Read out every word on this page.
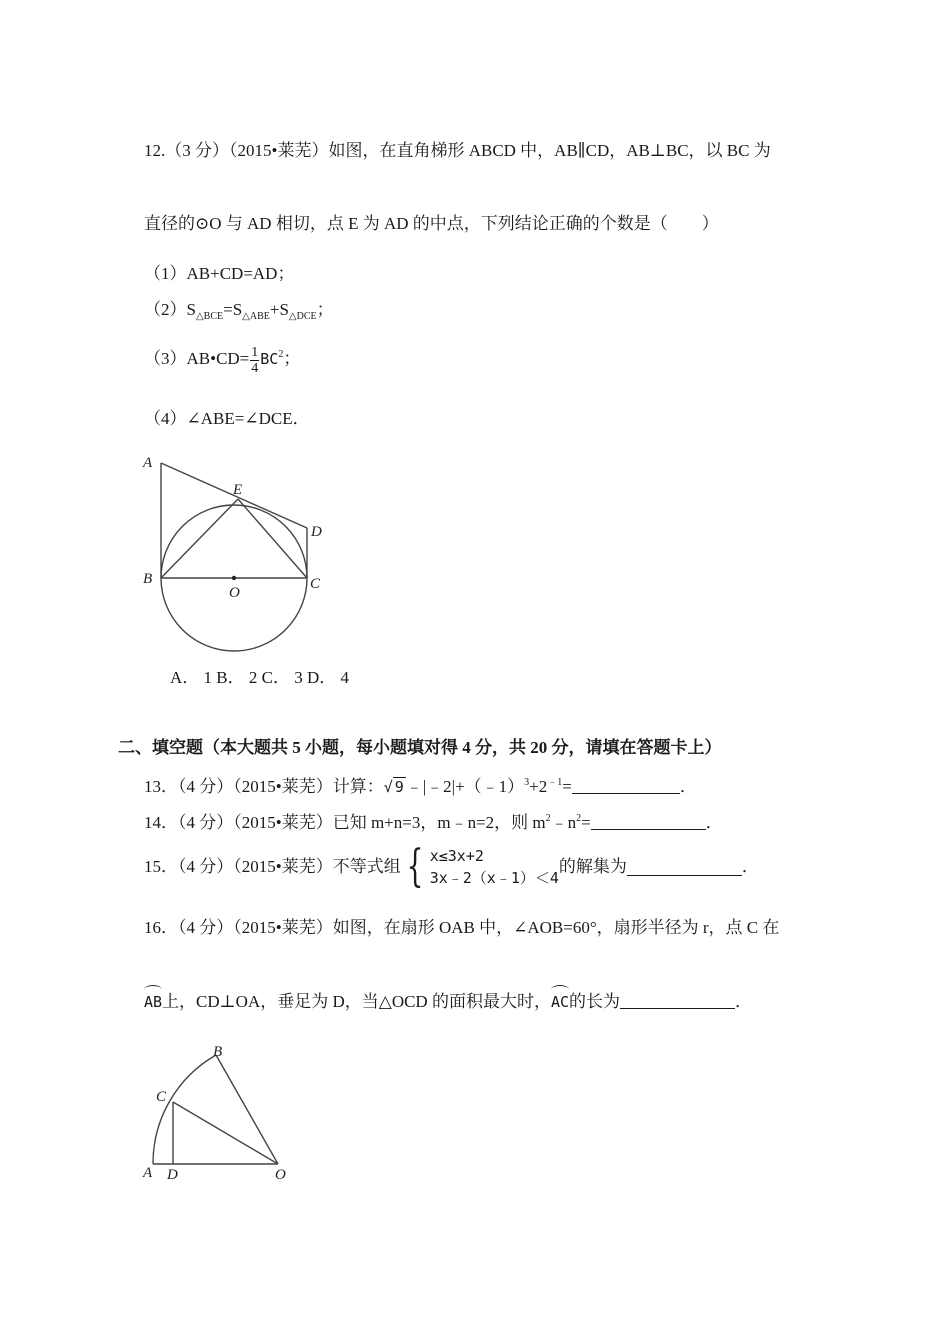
12.（3 分）（2015•莱芜）如图，在直角梯形 ABCD 中，AB∥CD，AB⊥BC，以 BC 为
直径的⊙O 与 AD 相切，点 E 为 AD 的中点，下列结论正确的个数是（　　）
（1）AB+CD=AD；
$(2)S_{\triangle BCE}=S_{\triangle ABE}+S_{\triangle DCE}$；
（3）AB•CD= $\frac{1}{4} BC^2$；
（4）∠ABE=∠DCE．
A
E
D
B	C
O
A． 1 B． 2 C． 3 D． 4
二、填空题（本大题共 5 小题，每小题填对得 4 分，共 20 分，请填在答题卡上）
13．（4 分）（2015•莱芜）计算：√ 9 $﹣|﹣2|+(﹣1)^3+2^{﹣1}=$	．
14．（4 分）（2015•莱芜）已知 m+n=3，m﹣n=2，则 $m^2﹣n^2=$	．
15．（4 分）（2015•莱芜）不等式组 { x≤3x+2
3x﹣2（x﹣1）＜4
的解集为	．
16．（4 分）（2015•莱芜）如图，在扇形 OAB 中，∠AOB=60°，扇形半径为 r，点 C 在
AB上，CD⊥OA，垂足为 D，当△OCD 的面积最大时，AC的长为	．
B
C
A D	O
